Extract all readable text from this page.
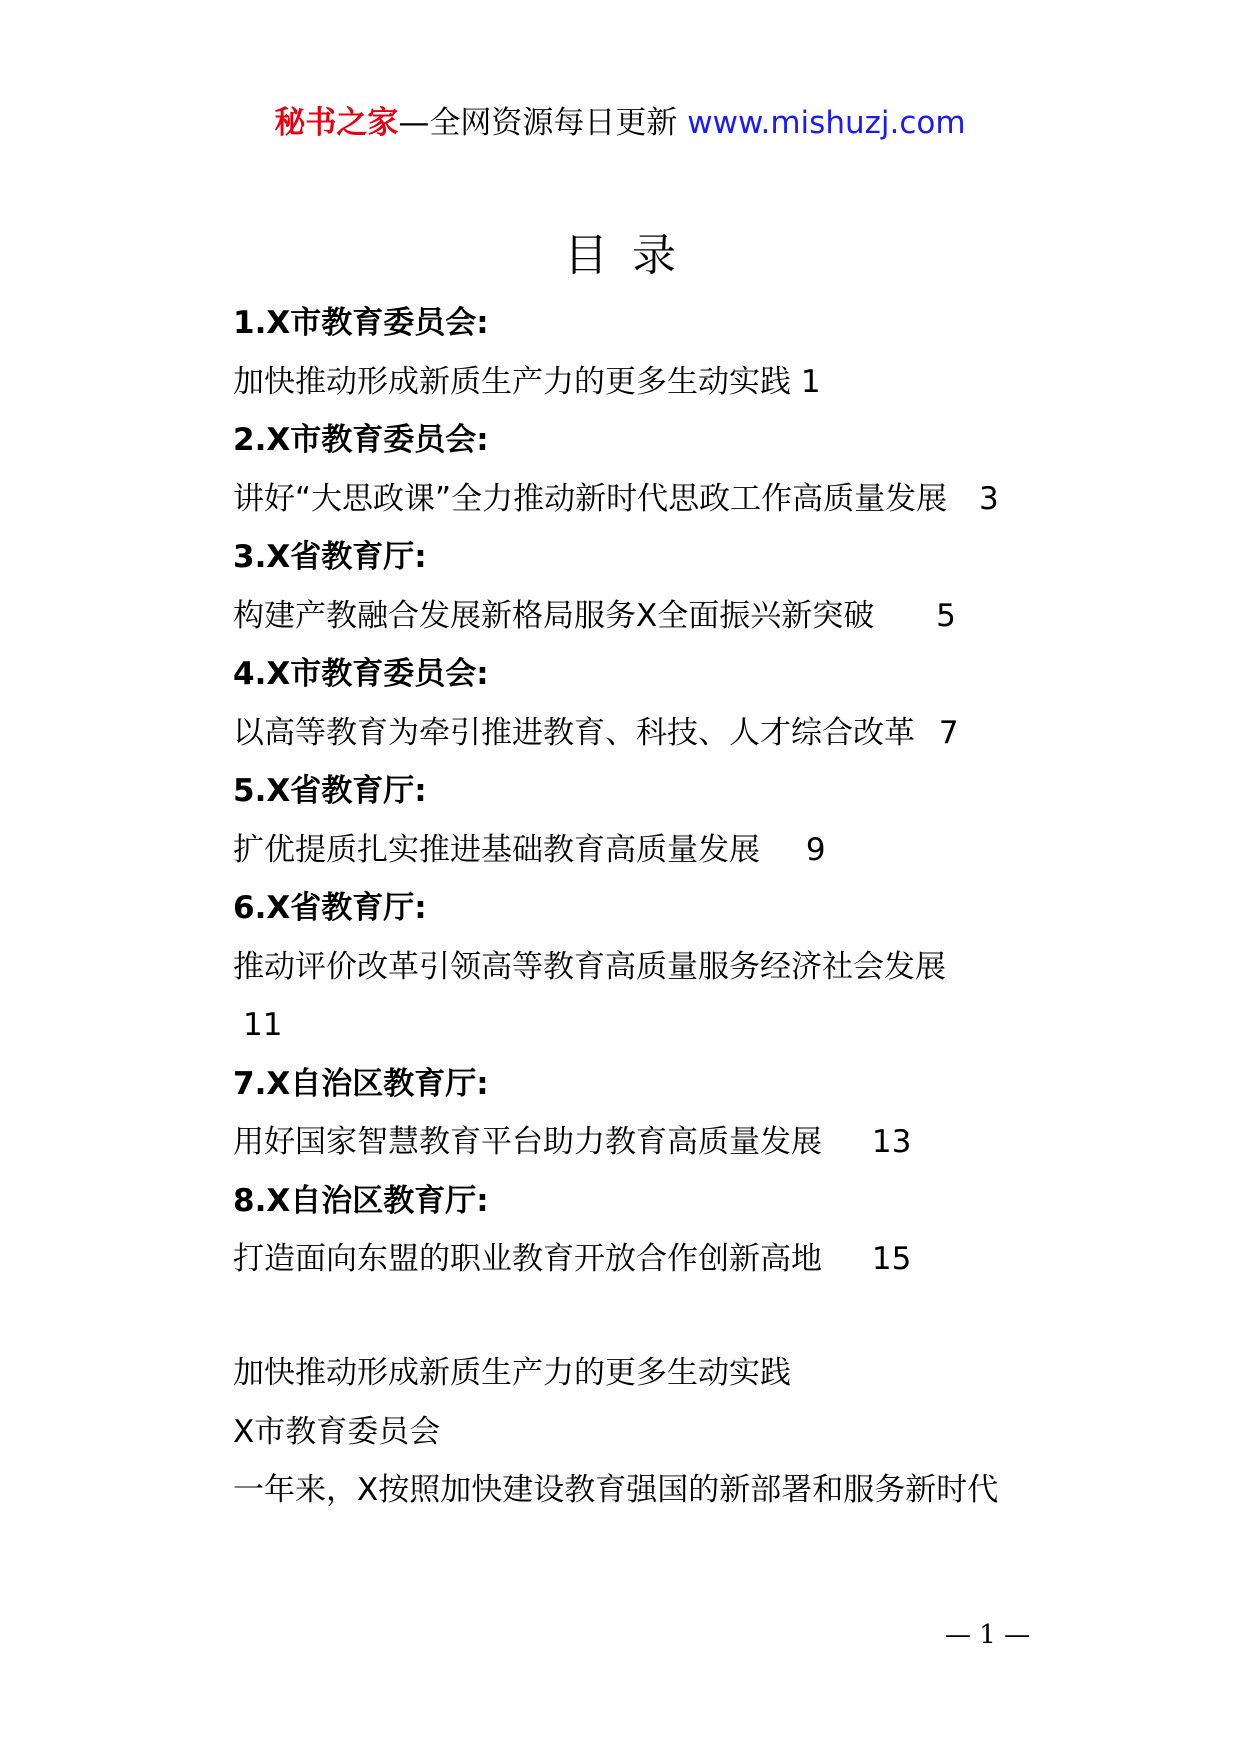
秘书之家—全网资源每日更新 www.mishuzj.com
目录
1.X市教育委员会:
加快推动形成新质生产力的更多生动实践 1
2.X市教育委员会:
讲好“大思政课”全力推动新时代思政工作高质量发展 3
3.X省教育厅:
构建产教融合发展新格局服务X全面振兴新突破 5
4.X市教育委员会:
以高等教育为牵引推进教育、科技、人才综合改革 7
5.X省教育厅:
扩优提质扎实推进基础教育高质量发展 9
6.X省教育厅:
推动评价改革引领高等教育高质量服务经济社会发展
11
7.X自治区教育厅:
用好国家智慧教育平台助力教育高质量发展 13
8.X自治区教育厅:
打造面向东盟的职业教育开放合作创新高地 15
加快推动形成新质生产力的更多生动实践
X市教育委员会
一年来，X按照加快建设教育强国的新部署和服务新时代
— 1 —
